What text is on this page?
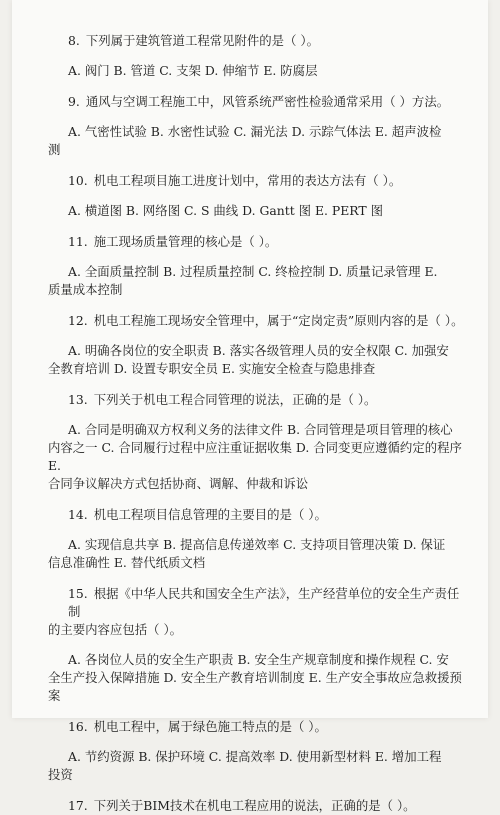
8. 下列属于建筑管道工程常见附件的是（ ）。

A. 阀门 B. 管道 C. 支架 D. 伸缩节 E. 防腐层

9. 通风与空调工程施工中，风管系统严密性检验通常采用（ ）方法。

A. 气密性试验 B. 水密性试验 C. 漏光法 D. 示踪气体法 E. 超声波检
测

10. 机电工程项目施工进度计划中，常用的表达方法有（ ）。

A. 横道图 B. 网络图 C. S 曲线 D. Gantt 图 E. PERT 图

11. 施工现场质量管理的核心是（ ）。

A. 全面质量控制 B. 过程质量控制 C. 终检控制 D. 质量记录管理 E.
质量成本控制

12. 机电工程施工现场安全管理中，属于“定岗定责”原则内容的是（ ）。

A. 明确各岗位的安全职责 B. 落实各级管理人员的安全权限 C. 加强安
全教育培训 D. 设置专职安全员 E. 实施安全检查与隐患排查

13. 下列关于机电工程合同管理的说法，正确的是（ ）。

A. 合同是明确双方权利义务的法律文件 B. 合同管理是项目管理的核心
内容之一 C. 合同履行过程中应注重证据收集 D. 合同变更应遵循约定的程序 E.
合同争议解决方式包括协商、调解、仲裁和诉讼

14. 机电工程项目信息管理的主要目的是（ ）。

A. 实现信息共享 B. 提高信息传递效率 C. 支持项目管理决策 D. 保证
信息准确性 E. 替代纸质文档

15. 根据《中华人民共和国安全生产法》，生产经营单位的安全生产责任制
的主要内容应包括（ ）。

A. 各岗位人员的安全生产职责 B. 安全生产规章制度和操作规程 C. 安
全生产投入保障措施 D. 安全生产教育培训制度 E. 生产安全事故应急救援预案

16. 机电工程中，属于绿色施工特点的是（ ）。

A. 节约资源 B. 保护环境 C. 提高效率 D. 使用新型材料 E. 增加工程
投资

17. 下列关于BIM技术在机电工程应用的说法，正确的是（ ）。
